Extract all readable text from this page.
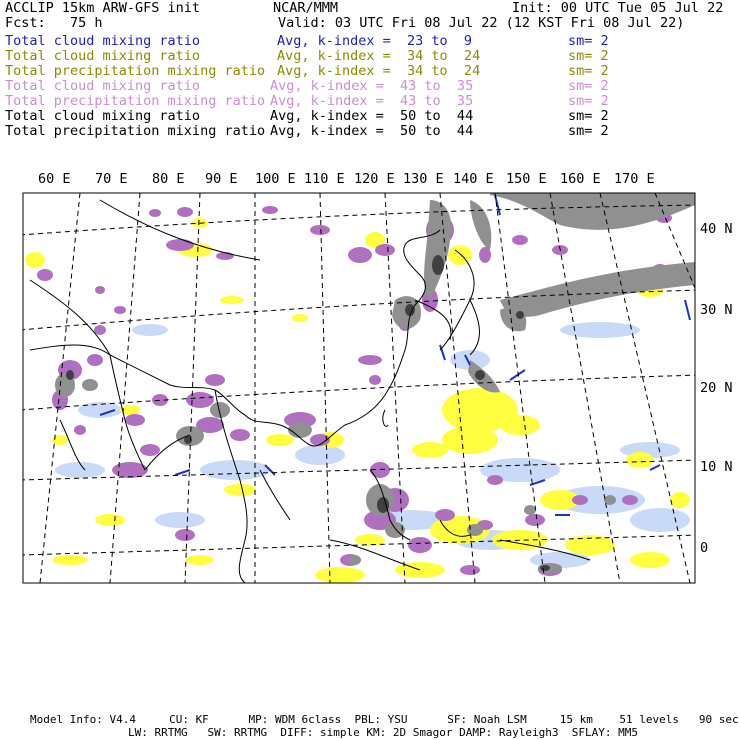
ACCLIP 15km ARW-GFS init	NCAR/MMM	Init: 00 UTC Tue 05 Jul 22
Fcst:   75 h	Valid: 03 UTC Fri 08 Jul 22 (12 KST Fri 08 Jul 22)
Total cloud mixing ratio	Avg, k-index =  23 to  9	sm= 2
Total cloud mixing ratio	Avg, k-index =  34 to  24	sm= 2
Total precipitation mixing ratio Avg, k-index =  34 to  24	sm= 2
Total cloud mixing ratio	Avg, k-index =  43 to  35	sm= 2
Total precipitation mixing ratio Avg, k-index =  43 to  35	sm= 2
Total cloud mixing ratio	Avg, k-index =  50 to  44	sm= 2
Total precipitation mixing ratio Avg, k-index =  50 to  44	sm= 2
60 E 70 E 80 E 90 E 100 E 110 E 120 E 130 E 140 E 150 E 160 E 170 E
40 N
30 N
20 N
10 N
0
Model Info: V4.4     CU: KF      MP: WDM 6class  PBL: YSU      SF: Noah LSM     15 km    51 levels   90 sec
LW: RRTMG   SW: RRTMG  DIFF: simple KM: 2D Smagor DAMP: Rayleigh3  SFLAY: MM5
